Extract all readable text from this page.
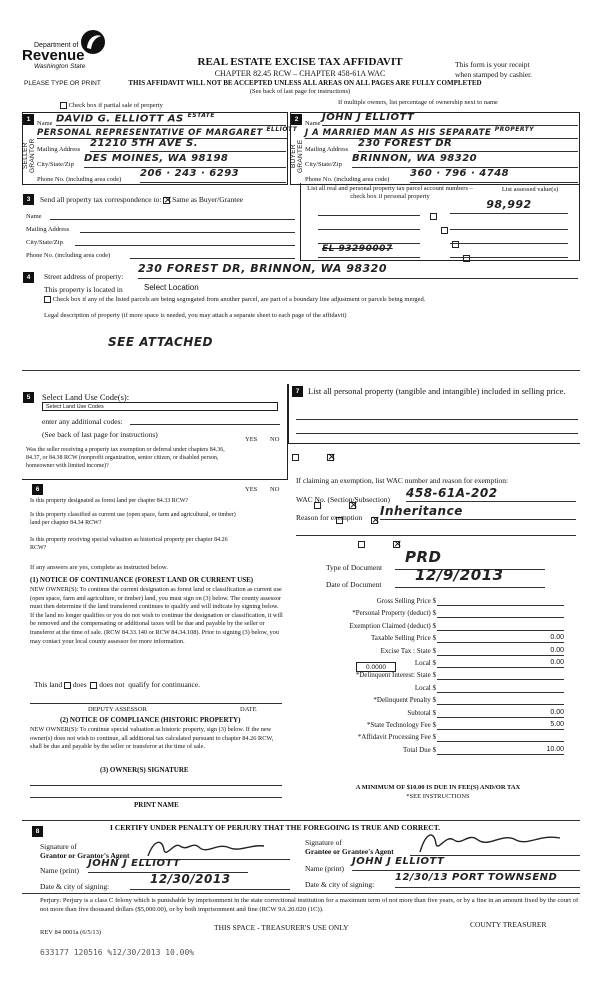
Department of
Revenue
Washington State
PLEASE TYPE OR PRINT
REAL ESTATE EXCISE TAX AFFIDAVIT
CHAPTER 82.45 RCW – CHAPTER 458-61A WAC
THIS AFFIDAVIT WILL NOT BE ACCEPTED UNLESS ALL AREAS ON ALL PAGES ARE FULLY COMPLETED
(See back of last page for instructions)
This form is your receipt
when stamped by cashier.
Check box if partial sale of property	If multiple owners, list percentage of ownership next to name
SELLER GRANTOR	BUYER GRANTEE
1	2
Name DAVID G. ELLIOTT AS $^{ESTATE}$
PERSONAL REPRESENTATIVE OF MARGARET $^{ELLIOTT}$
Mailing Address
21210 5TH AVE S.
City/State/Zip
DES MOINES, WA 98198
Phone No. (including area code)
206 · 243 · 6293
Name
JOHN J ELLIOTT
J A MARRIED MAN AS HIS SEPARATE $^{PROPERTY}$
Mailing Address
230 FOREST DR
City/State/Zip
BRINNON, WA 98320
Phone No. (including area code)
360 · 796 · 4748
3	Send all property tax correspondence to: × Same as Buyer/Grantee
Name
Mailing Address
City/State/Zip
Phone No. (including area code)
List all real and personal property tax parcel account numbers – check box if personal property
List assessed value(s)
EL 93290007

98,992
4	Street address of property:
230 FOREST DR, BRINNON, WA 98320
This property is located in	Select Location
Check box if any of the listed parcels are being segregated from another parcel, are part of a boundary line adjustment or parcels being merged.
Legal description of property (if more space is needed, you may attach a separate sheet to each page of the affidavit)
SEE ATTACHED
5	Select Land Use Code(s):
Select Land Use Codes
enter any additional codes:
(See back of last page for instructions)
YES NO
Was the seller receiving a property tax exemption or deferral under chapters 84.36, 84.37, or 84.38 RCW (nonprofit organization, senior citizen, or disabled person, homeowner with limited income)?
×
6	YES NO
Is this property designated as forest land per chapter 84.33 RCW?
×
Is this property classified as current use (open space, farm and agricultural, or timber) land per chapter 84.34 RCW?
×
Is this property receiving special valuation as historical property per chapter 84.26 RCW?
×
If any answers are yes, complete as instructed below.
(1) NOTICE OF CONTINUANCE (FOREST LAND OR CURRENT USE)
NEW OWNER(S): To continue the current designation as forest land or classification as current use (open space, farm and agriculture, or timber) land, you must sign on (3) below. The county assessor must then determine if the land transferred continues to qualify and will indicate by signing below. If the land no longer qualifies or you do not wish to continue the designation or classification, it will be removed and the compensating or additional taxes will be due and payable by the seller or transferor at the time of sale. (RCW 84.33.140 or RCW 84.34.108). Prior to signing (3) below, you may contact your local county assessor for more information.
This land does does not qualify for continuance.
DEPUTY ASSESSOR	DATE
(2) NOTICE OF COMPLIANCE (HISTORIC PROPERTY)
NEW OWNER(S): To continue special valuation as historic property, sign (3) below. If the new owner(s) does not wish to continue, all additional tax calculated pursuant to chapter 84.26 RCW, shall be due and payable by the seller or transferor at the time of sale.
(3) OWNER(S) SIGNATURE
PRINT NAME
7	List all personal property (tangible and intangible) included in selling price.
If claiming an exemption, list WAC number and reason for exemption:
WAC No. (Section/Subsection) 458-61A-202
Reason for exemption Inheritance
Type of Document
PRD
Date of Document
12/9/2013
Gross Selling Price $
*Personal Property (deduct) $
Exemption Claimed (deduct) $
Taxable Selling Price $	0.00
Excise Tax : State $	0.00
Local $	0.00
*Delinquent Interest: State $
Local $
*Delinquent Penalty $
Subtotal $	0.00
*State Technology Fee $	5.00
*Affidavit Processing Fee $
Total Due $	10.00
0.0000
A MINIMUM OF $10.00 IS DUE IN FEE(S) AND/OR TAX
*SEE INSTRUCTIONS
8	I CERTIFY UNDER PENALTY OF PERJURY THAT THE FOREGOING IS TRUE AND CORRECT.
Signature of
Grantor or Grantor's Agent
Name (print)
JOHN J ELLIOTT
Date & city of signing:
12/30/2013
Signature of
Grantee or Grantee's Agent
Name (print)
JOHN J ELLIOTT
Date & city of signing:
12/30/13 PORT TOWNSEND
Perjury: Perjury is a class C felony which is punishable by imprisonment in the state correctional institution for a maximum term of not more than five years, or by a fine in an amount fixed by the court of not more than five thousand dollars ($5,000.00), or by both imprisonment and fine (RCW 9A.20.020 (1C)).
REV 84 0001a (6/5/13)
THIS SPACE - TREASURER'S USE ONLY	COUNTY TREASURER
633177 120516 %12/30/2013 10.00%
